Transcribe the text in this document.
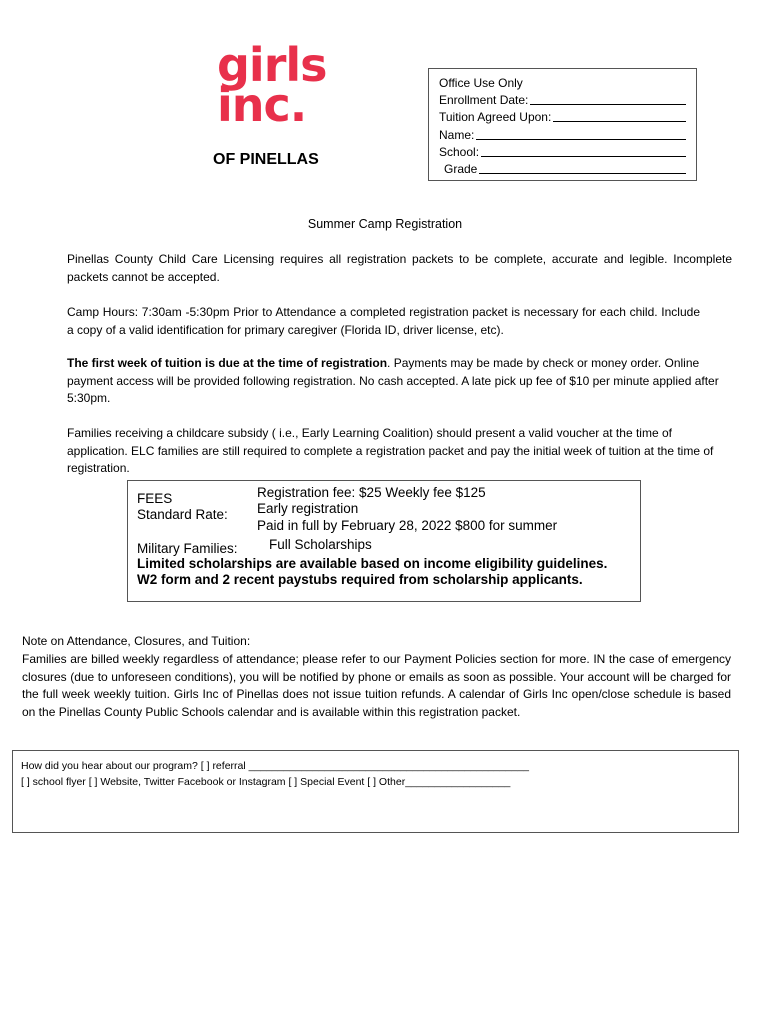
girls
inc.
OF PINELLAS
Office Use Only
Enrollment Date:
Tuition Agreed Upon:
Name:
School:
Grade
Summer Camp Registration
Pinellas County Child Care Licensing requires all registration packets to be complete, accurate and legible. Incomplete packets cannot be accepted.
Camp Hours: 7:30am -5:30pm Prior to Attendance a completed registration packet is necessary for each child. Include a copy of a valid identification for primary caregiver (Florida ID, driver license, etc).
The first week of tuition is due at the time of registration. Payments may be made by check or money order. Online payment access will be provided following registration. No cash accepted. A late pick up fee of $10 per minute applied after 5:30pm.
Families receiving a childcare subsidy ( i.e., Early Learning Coalition) should present a valid voucher at the time of application. ELC families are still required to complete a registration packet and pay the initial week of tuition at the time of registration.
FEES
Standard Rate:
Registration fee: $25 Weekly fee $125
Early registration
Paid in full by February 28, 2022 $800 for summer
Military Families: Full Scholarships
Limited scholarships are available based on income eligibility guidelines.
W2 form and 2 recent paystubs required from scholarship applicants.
Note on Attendance, Closures, and Tuition:
Families are billed weekly regardless of attendance; please refer to our Payment Policies section for more. IN the case of emergency closures (due to unforeseen conditions), you will be notified by phone or emails as soon as possible. Your account will be charged for the full week weekly tuition. Girls Inc of Pinellas does not issue tuition refunds. A calendar of Girls Inc open/close schedule is based on the Pinellas County Public Schools calendar and is available within this registration packet.
How did you hear about our program? [ ] referral ________________________________________________
[ ] school flyer [ ] Website, Twitter Facebook or Instagram [ ] Special Event [ ] Other__________________
